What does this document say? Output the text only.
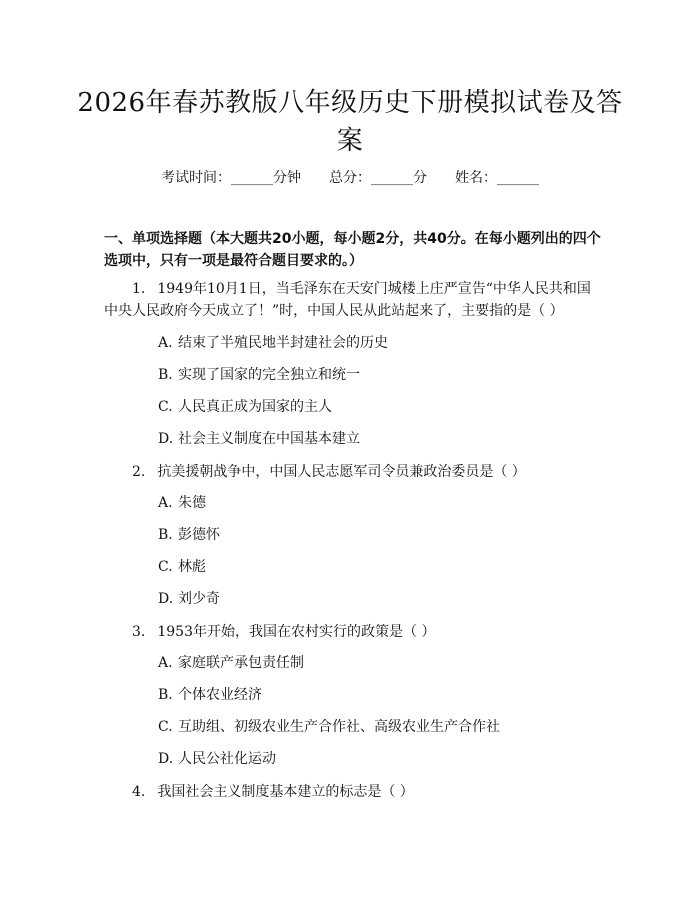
2026年春苏教版八年级历史下册模拟试卷及答案
考试时间：______分钟 总分：______分 姓名：______
一、单项选择题（本大题共20小题，每小题2分，共40分。在每小题列出的四个选项中，只有一项是最符合题目要求的。）
1. 1949年10月1日，当毛泽东在天安门城楼上庄严宣告“中华人民共和国中央人民政府今天成立了！”时，中国人民从此站起来了，主要指的是（ ）
A. 结束了半殖民地半封建社会的历史
B. 实现了国家的完全独立和统一
C. 人民真正成为国家的主人
D. 社会主义制度在中国基本建立
2. 抗美援朝战争中，中国人民志愿军司令员兼政治委员是（ ）
A. 朱德
B. 彭德怀
C. 林彪
D. 刘少奇
3. 1953年开始，我国在农村实行的政策是（ ）
A. 家庭联产承包责任制
B. 个体农业经济
C. 互助组、初级农业生产合作社、高级农业生产合作社
D. 人民公社化运动
4. 我国社会主义制度基本建立的标志是（ ）
